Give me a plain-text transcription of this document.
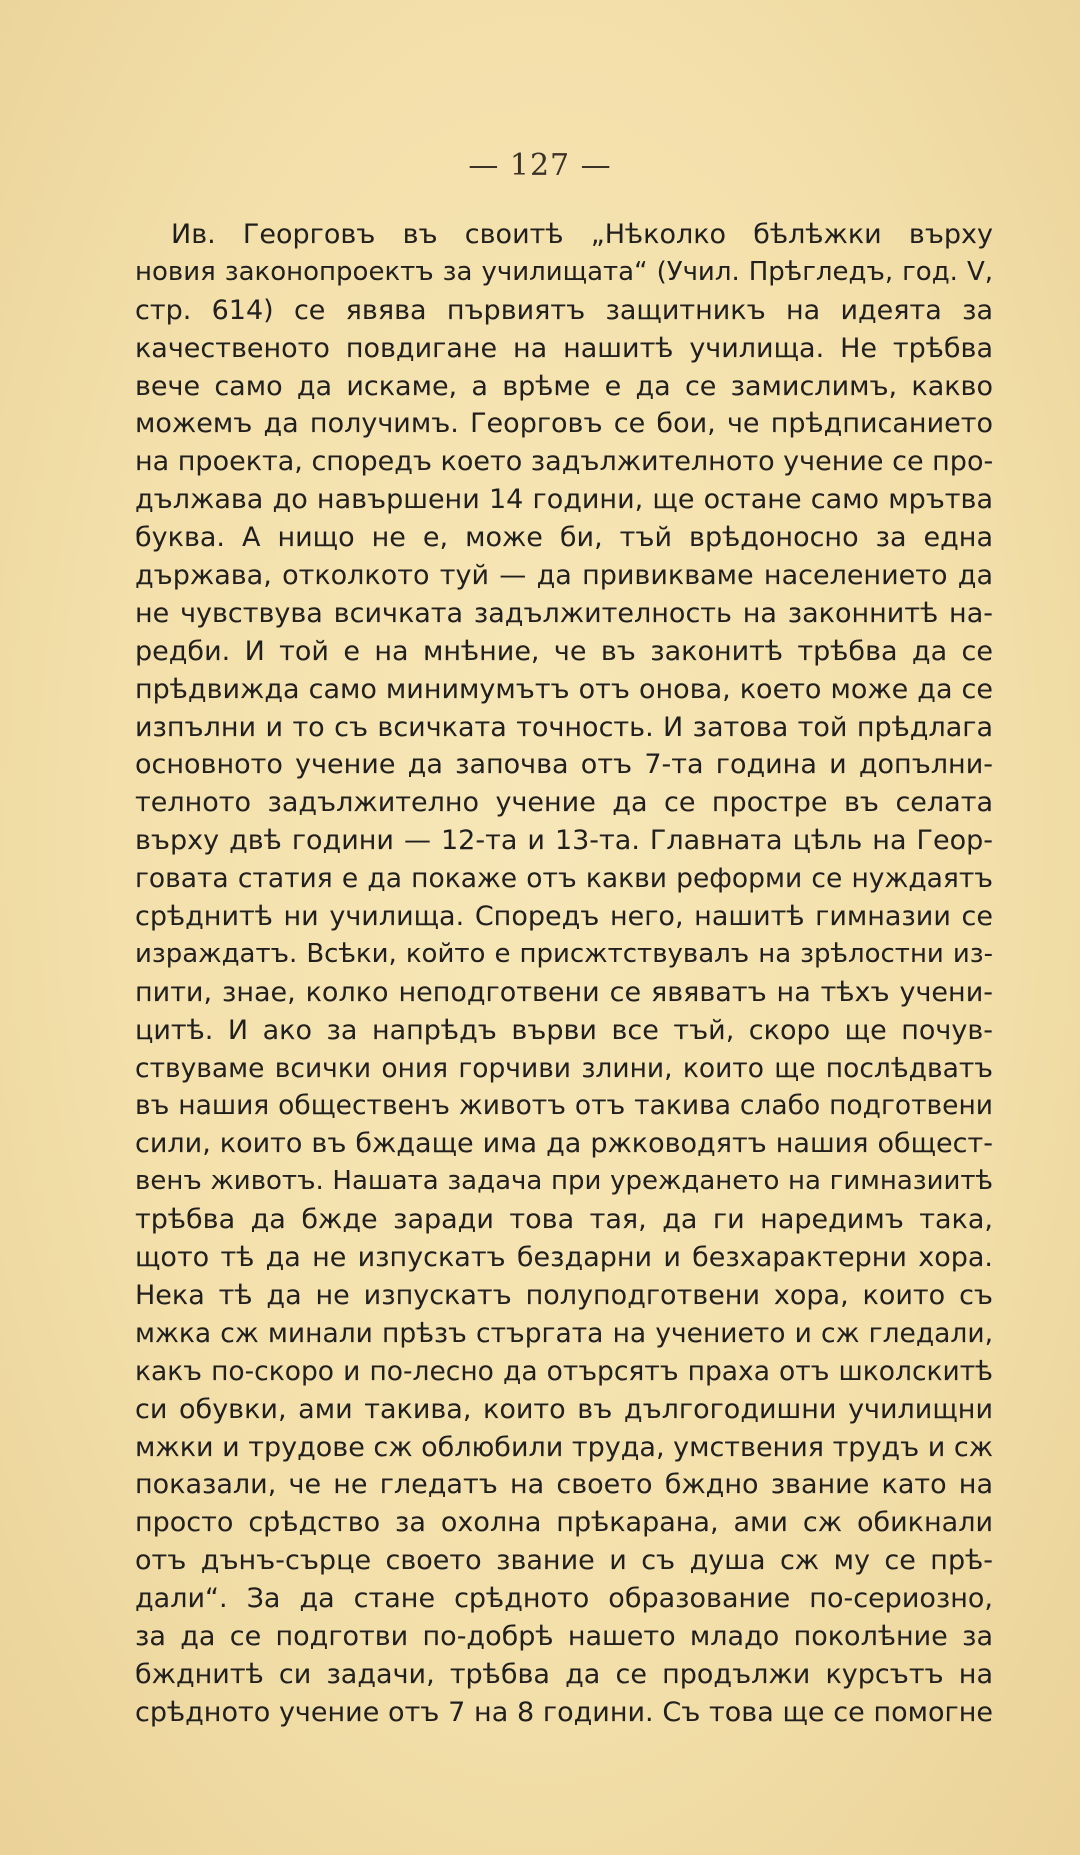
— 127 —
Ив. Георговъ въ своитѣ „Нѣколко бѣлѣжки върху
новия законопроектъ за училищата“ (Учил. Прѣгледъ, год. V,
стр. 614) се явява първиятъ защитникъ на идеята за
качественото повдигане на нашитѣ училища. Не трѣбва
вече само да искаме, а врѣме е да се замислимъ, какво
можемъ да получимъ. Георговъ се бои, че прѣдписанието
на проекта, споредъ което задължителното учение се про-
дължава до навършени 14 години, ще остане само мрътва
буква. А нищо не е, може би, тъй врѣдоносно за една
държава, отколкото туй — да привикваме населението да
не чувствува всичката задължителность на законнитѣ на-
редби. И той е на мнѣние, че въ законитѣ трѣбва да се
прѣдвижда само минимумътъ отъ онова, което може да се
изпълни и то съ всичката точность. И затова той прѣдлага
основното учение да започва отъ 7-та година и допълни-
телното задължително учение да се простре въ селата
върху двѣ години — 12-та и 13-та. Главната цѣль на Геор-
говата статия е да покаже отъ какви реформи се нуждаятъ
срѣднитѣ ни училища. Споредъ него, нашитѣ гимназии се
израждатъ. Всѣки, който е присжтствувалъ на зрѣлостни из-
пити, знае, колко неподготвени се явяватъ на тѣхъ учени-
цитѣ. И ако за напрѣдъ върви все тъй, скоро ще почув-
ствуваме всички ония горчиви злини, които ще послѣдватъ
въ нашия общественъ животъ отъ такива слабо подготвени
сили, които въ бждаще има да ржководятъ нашия общест-
венъ животъ. Нашата задача при уреждането на гимназиитѣ
трѣбва да бжде заради това тая, да ги наредимъ така,
щото тѣ да не изпускатъ бездарни и безхарактерни хора.
Нека тѣ да не изпускатъ полуподготвени хора, които съ
мжка сж минали прѣзъ стъргата на учението и сж гледали,
какъ по-скоро и по-лесно да отърсятъ праха отъ школскитѣ
си обувки, ами такива, които въ дългогодишни училищни
мжки и трудове сж облюбили труда, умствения трудъ и сж
показали, че не гледатъ на своето бждно звание като на
просто срѣдство за охолна прѣкарана, ами сж обикнали
отъ дънъ-сърце своето звание и съ душа сж му се прѣ-
дали“. За да стане срѣдното образование по-сериозно,
за да се подготви по-добрѣ нашето младо поколѣние за
бжднитѣ си задачи, трѣбва да се продължи курсътъ на
срѣдното учение отъ 7 на 8 години. Съ това ще се помогне
